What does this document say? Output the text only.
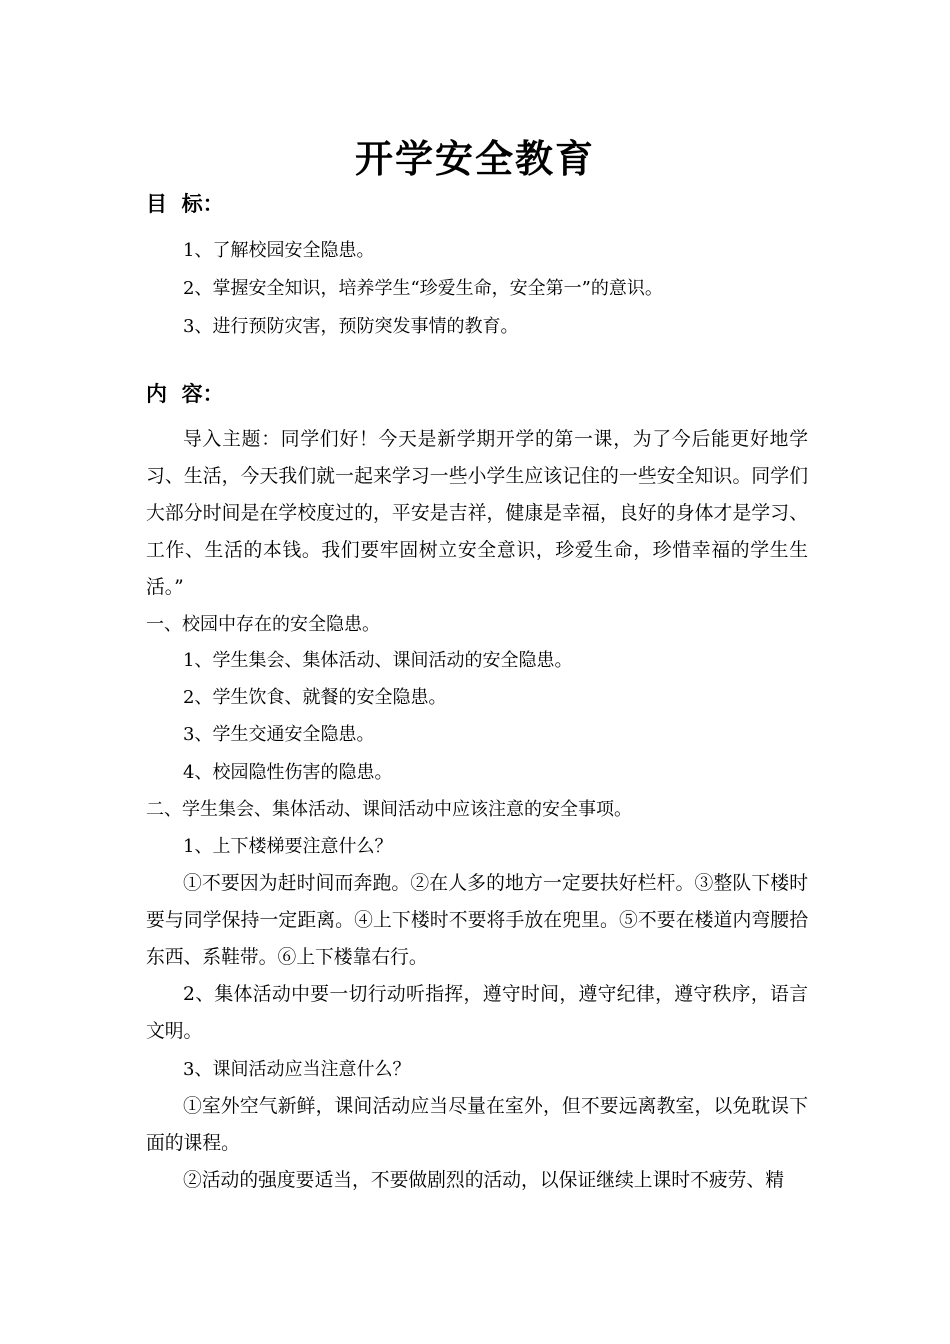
开学安全教育
目  标：
1、了解校园安全隐患。
2、掌握安全知识，培养学生“珍爱生命，安全第一”的意识。
3、进行预防灾害，预防突发事情的教育。
内  容：
导入主题：同学们好！今天是新学期开学的第一课，为了今后能更好地学习、生活，今天我们就一起来学习一些小学生应该记住的一些安全知识。同学们大部分时间是在学校度过的，平安是吉祥，健康是幸福，良好的身体才是学习、工作、生活的本钱。我们要牢固树立安全意识，珍爱生命，珍惜幸福的学生生活。”
一、校园中存在的安全隐患。
1、学生集会、集体活动、课间活动的安全隐患。
2、学生饮食、就餐的安全隐患。
3、学生交通安全隐患。
4、校园隐性伤害的隐患。
二、学生集会、集体活动、课间活动中应该注意的安全事项。
1、上下楼梯要注意什么？
①不要因为赶时间而奔跑。②在人多的地方一定要扶好栏杆。③整队下楼时要与同学保持一定距离。④上下楼时不要将手放在兜里。⑤不要在楼道内弯腰拾东西、系鞋带。⑥上下楼靠右行。
2、集体活动中要一切行动听指挥，遵守时间，遵守纪律，遵守秩序，语言文明。
3、课间活动应当注意什么？
①室外空气新鲜，课间活动应当尽量在室外，但不要远离教室，以免耽误下面的课程。
②活动的强度要适当，不要做剧烈的活动，以保证继续上课时不疲劳、精
